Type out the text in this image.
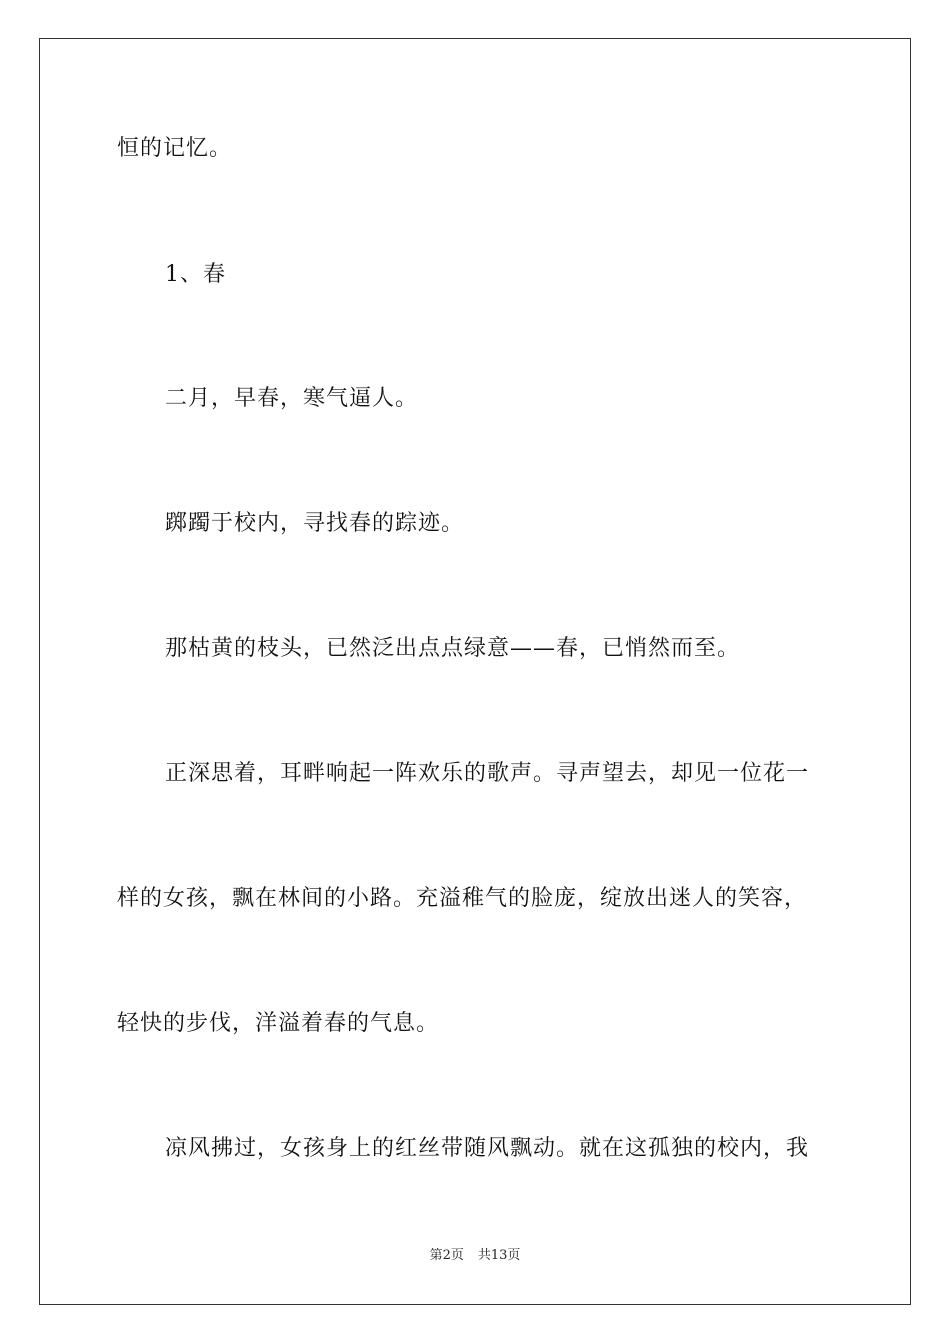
恒的记忆。
1、春
二月，早春，寒气逼人。
踯躅于校内，寻找春的踪迹。
那枯黄的枝头，已然泛出点点绿意——春，已悄然而至。
正深思着，耳畔响起一阵欢乐的歌声。寻声望去，却见一位花一
样的女孩，飘在林间的小路。充溢稚气的脸庞，绽放出迷人的笑容，
轻快的步伐，洋溢着春的气息。
凉风拂过，女孩身上的红丝带随风飘动。就在这孤独的校内，我
第2页 共13页
